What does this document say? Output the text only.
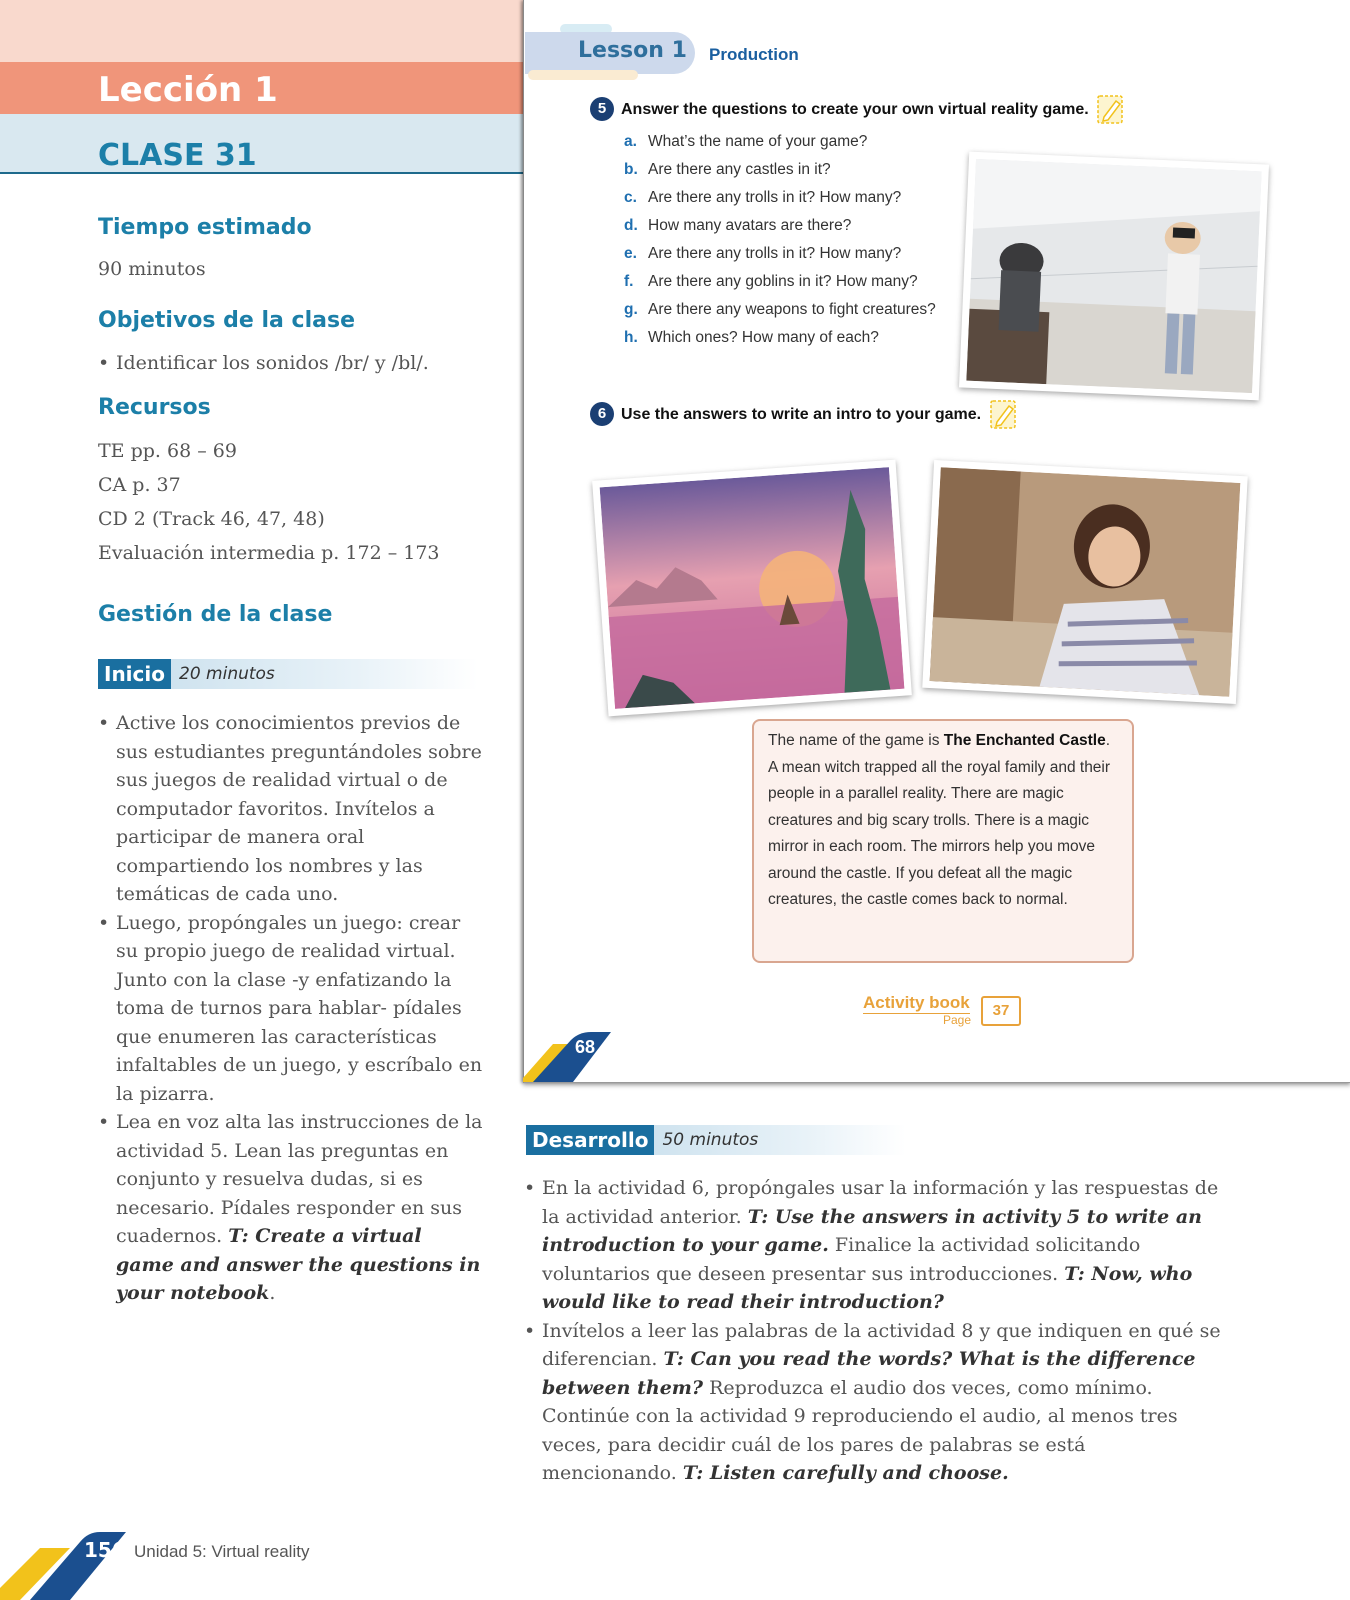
Lección 1
CLASE 31
Tiempo estimado
90 minutos
Objetivos de la clase
• Identificar los sonidos /br/ y /bl/.
Recursos
TE pp. 68 – 69
CA p. 37
CD 2 (Track 46, 47, 48)
Evaluación intermedia p. 172 – 173
Gestión de la clase
Inicio 20 minutos
• Active los conocimientos previos de sus estudiantes preguntándoles sobre sus juegos de realidad virtual o de computador favoritos. Invítelos a participar de manera oral compartiendo los nombres y las temáticas de cada uno.
• Luego, propóngales un juego: crear su propio juego de realidad virtual. Junto con la clase -y enfatizando la toma de turnos para hablar- pídales que enumeren las características infaltables de un juego, y escríbalo en la pizarra.
• Lea en voz alta las instrucciones de la actividad 5. Lean las preguntas en conjunto y resuelva dudas, si es necesario. Pídales responder en sus cuadernos. T: Create a virtual game and answer the questions in your notebook.
Lesson 1 Production
5 Answer the questions to create your own virtual reality game.
a. What’s the name of your game?
b. Are there any castles in it?
c. Are there any trolls in it? How many?
d. How many avatars are there?
e. Are there any trolls in it? How many?
f. Are there any goblins in it? How many?
g. Are there any weapons to fight creatures?
h. Which ones? How many of each?
6 Use the answers to write an intro to your game.
The name of the game is The Enchanted Castle. A mean witch trapped all the royal family and their people in a parallel reality. There are magic creatures and big scary trolls. There is a magic mirror in each room. The mirrors help you move around the castle. If you defeat all the magic creatures, the castle comes back to normal.
Activity book
Page
37
68
Desarrollo 50 minutos
• En la actividad 6, propóngales usar la información y las respuestas de la actividad anterior. T: Use the answers in activity 5 to write an introduction to your game. Finalice la actividad solicitando voluntarios que deseen presentar sus introducciones. T: Now, who would like to read their introduction?
• Invítelos a leer las palabras de la actividad 8 y que indiquen en qué se diferencian. T: Can you read the words? What is the difference between them? Reproduzca el audio dos veces, como mínimo. Continúe con la actividad 9 reproduciendo el audio, al menos tres veces, para decidir cuál de los pares de palabras se está mencionando. T: Listen carefully and choose.
156 Unidad 5: Virtual reality
